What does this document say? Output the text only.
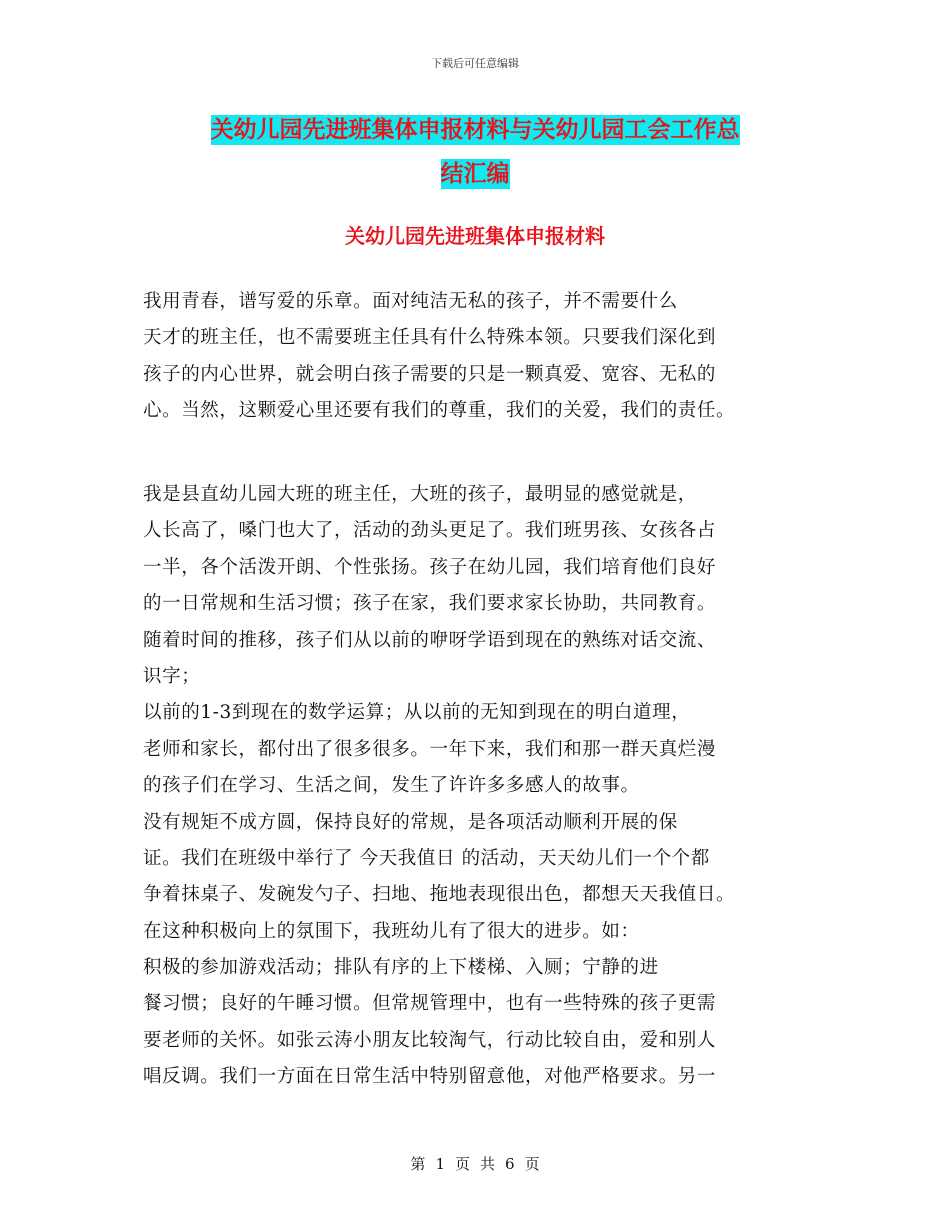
下载后可任意编辑
关幼儿园先进班集体申报材料与关幼儿园工会工作总
结汇编
关幼儿园先进班集体申报材料
我用青春，谱写爱的乐章。面对纯洁无私的孩子，并不需要什么
天才的班主任，也不需要班主任具有什么特殊本领。只要我们深化到
孩子的内心世界，就会明白孩子需要的只是一颗真爱、宽容、无私的
心。当然，这颗爱心里还要有我们的尊重，我们的关爱，我们的责任。
我是县直幼儿园大班的班主任，大班的孩子，最明显的感觉就是，
人长高了，嗓门也大了，活动的劲头更足了。我们班男孩、女孩各占
一半，各个活泼开朗、个性张扬。孩子在幼儿园，我们培育他们良好
的一日常规和生活习惯；孩子在家，我们要求家长协助，共同教育。
随着时间的推移，孩子们从以前的咿呀学语到现在的熟练对话交流、
识字；
以前的1-3到现在的数学运算；从以前的无知到现在的明白道理，
老师和家长，都付出了很多很多。一年下来，我们和那一群天真烂漫
的孩子们在学习、生活之间，发生了许许多多感人的故事。
没有规矩不成方圆，保持良好的常规，是各项活动顺利开展的保
证。我们在班级中举行了 今天我值日 的活动，天天幼儿们一个个都
争着抹桌子、发碗发勺子、扫地、拖地表现很出色，都想天天我值日。
在这种积极向上的氛围下，我班幼儿有了很大的进步。如：
积极的参加游戏活动；排队有序的上下楼梯、入厕；宁静的进
餐习惯；良好的午睡习惯。但常规管理中，也有一些特殊的孩子更需
要老师的关怀。如张云涛小朋友比较淘气，行动比较自由，爱和别人
唱反调。我们一方面在日常生活中特别留意他，对他严格要求。另一
第 1 页 共 6 页
